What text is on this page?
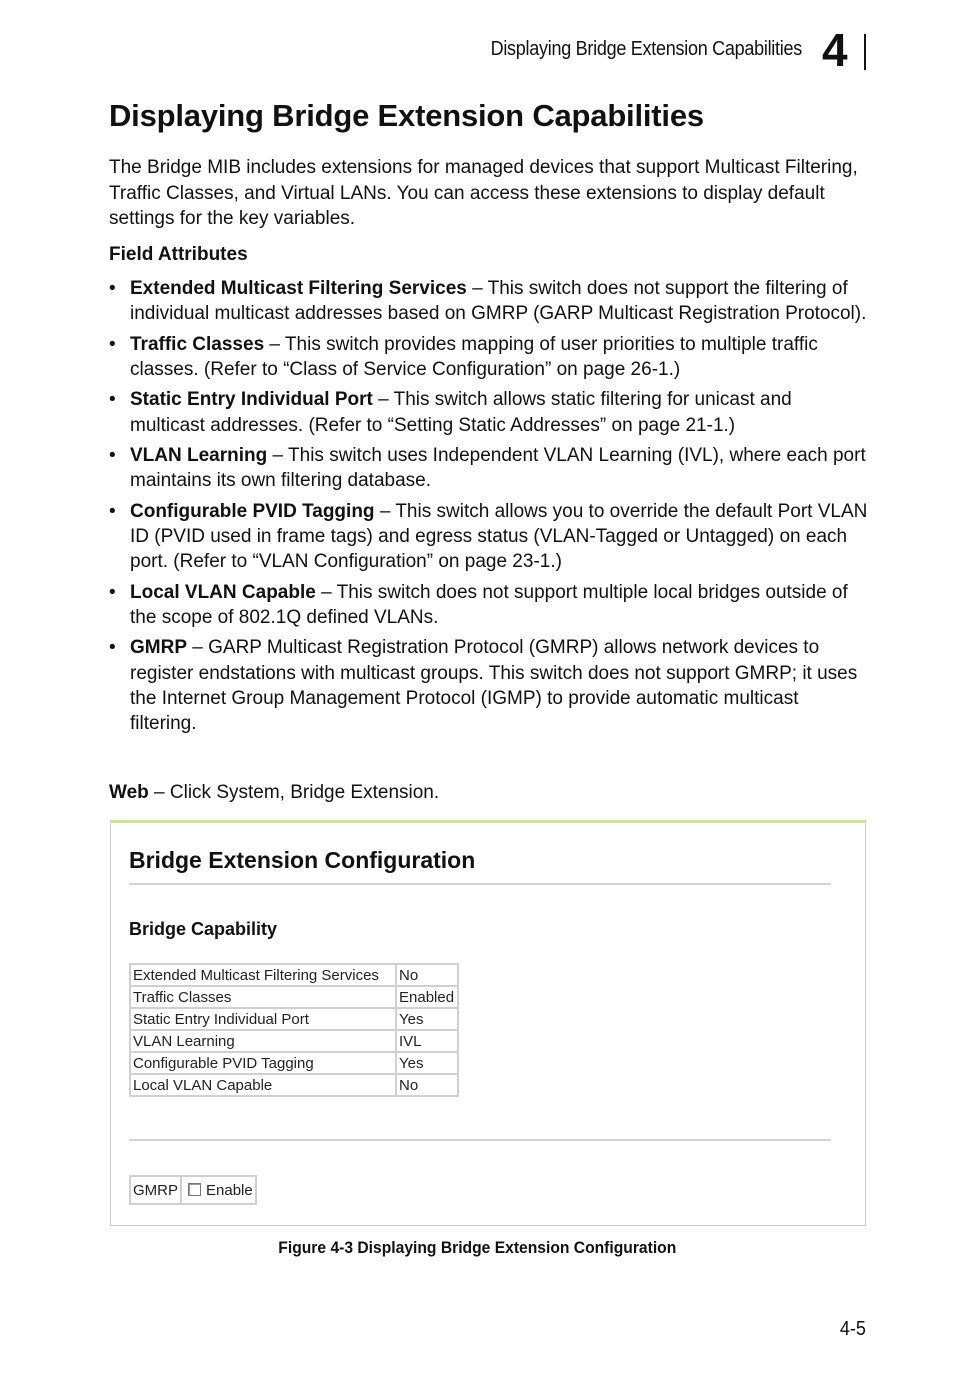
Displaying Bridge Extension Capabilities 4
Displaying Bridge Extension Capabilities

The Bridge MIB includes extensions for managed devices that support Multicast Filtering, Traffic Classes, and Virtual LANs. You can access these extensions to display default settings for the key variables.

Field Attributes

• Extended Multicast Filtering Services – This switch does not support the filtering of individual multicast addresses based on GMRP (GARP Multicast Registration Protocol).
• Traffic Classes – This switch provides mapping of user priorities to multiple traffic classes. (Refer to “Class of Service Configuration” on page 26-1.)
• Static Entry Individual Port – This switch allows static filtering for unicast and multicast addresses. (Refer to “Setting Static Addresses” on page 21-1.)
• VLAN Learning – This switch uses Independent VLAN Learning (IVL), where each port maintains its own filtering database.
• Configurable PVID Tagging – This switch allows you to override the default Port VLAN ID (PVID used in frame tags) and egress status (VLAN-Tagged or Untagged) on each port. (Refer to “VLAN Configuration” on page 23-1.)
• Local VLAN Capable – This switch does not support multiple local bridges outside of the scope of 802.1Q defined VLANs.
• GMRP – GARP Multicast Registration Protocol (GMRP) allows network devices to register endstations with multicast groups. This switch does not support GMRP; it uses the Internet Group Management Protocol (IGMP) to provide automatic multicast filtering.

Web – Click System, Bridge Extension.

Bridge Extension Configuration
Bridge Capability
Extended Multicast Filtering Services	No
Traffic Classes	Enabled
Static Entry Individual Port	Yes
VLAN Learning	IVL
Configurable PVID Tagging	Yes
Local VLAN Capable	No
GMRP	Enable

Figure 4-3 Displaying Bridge Extension Configuration

4-5
